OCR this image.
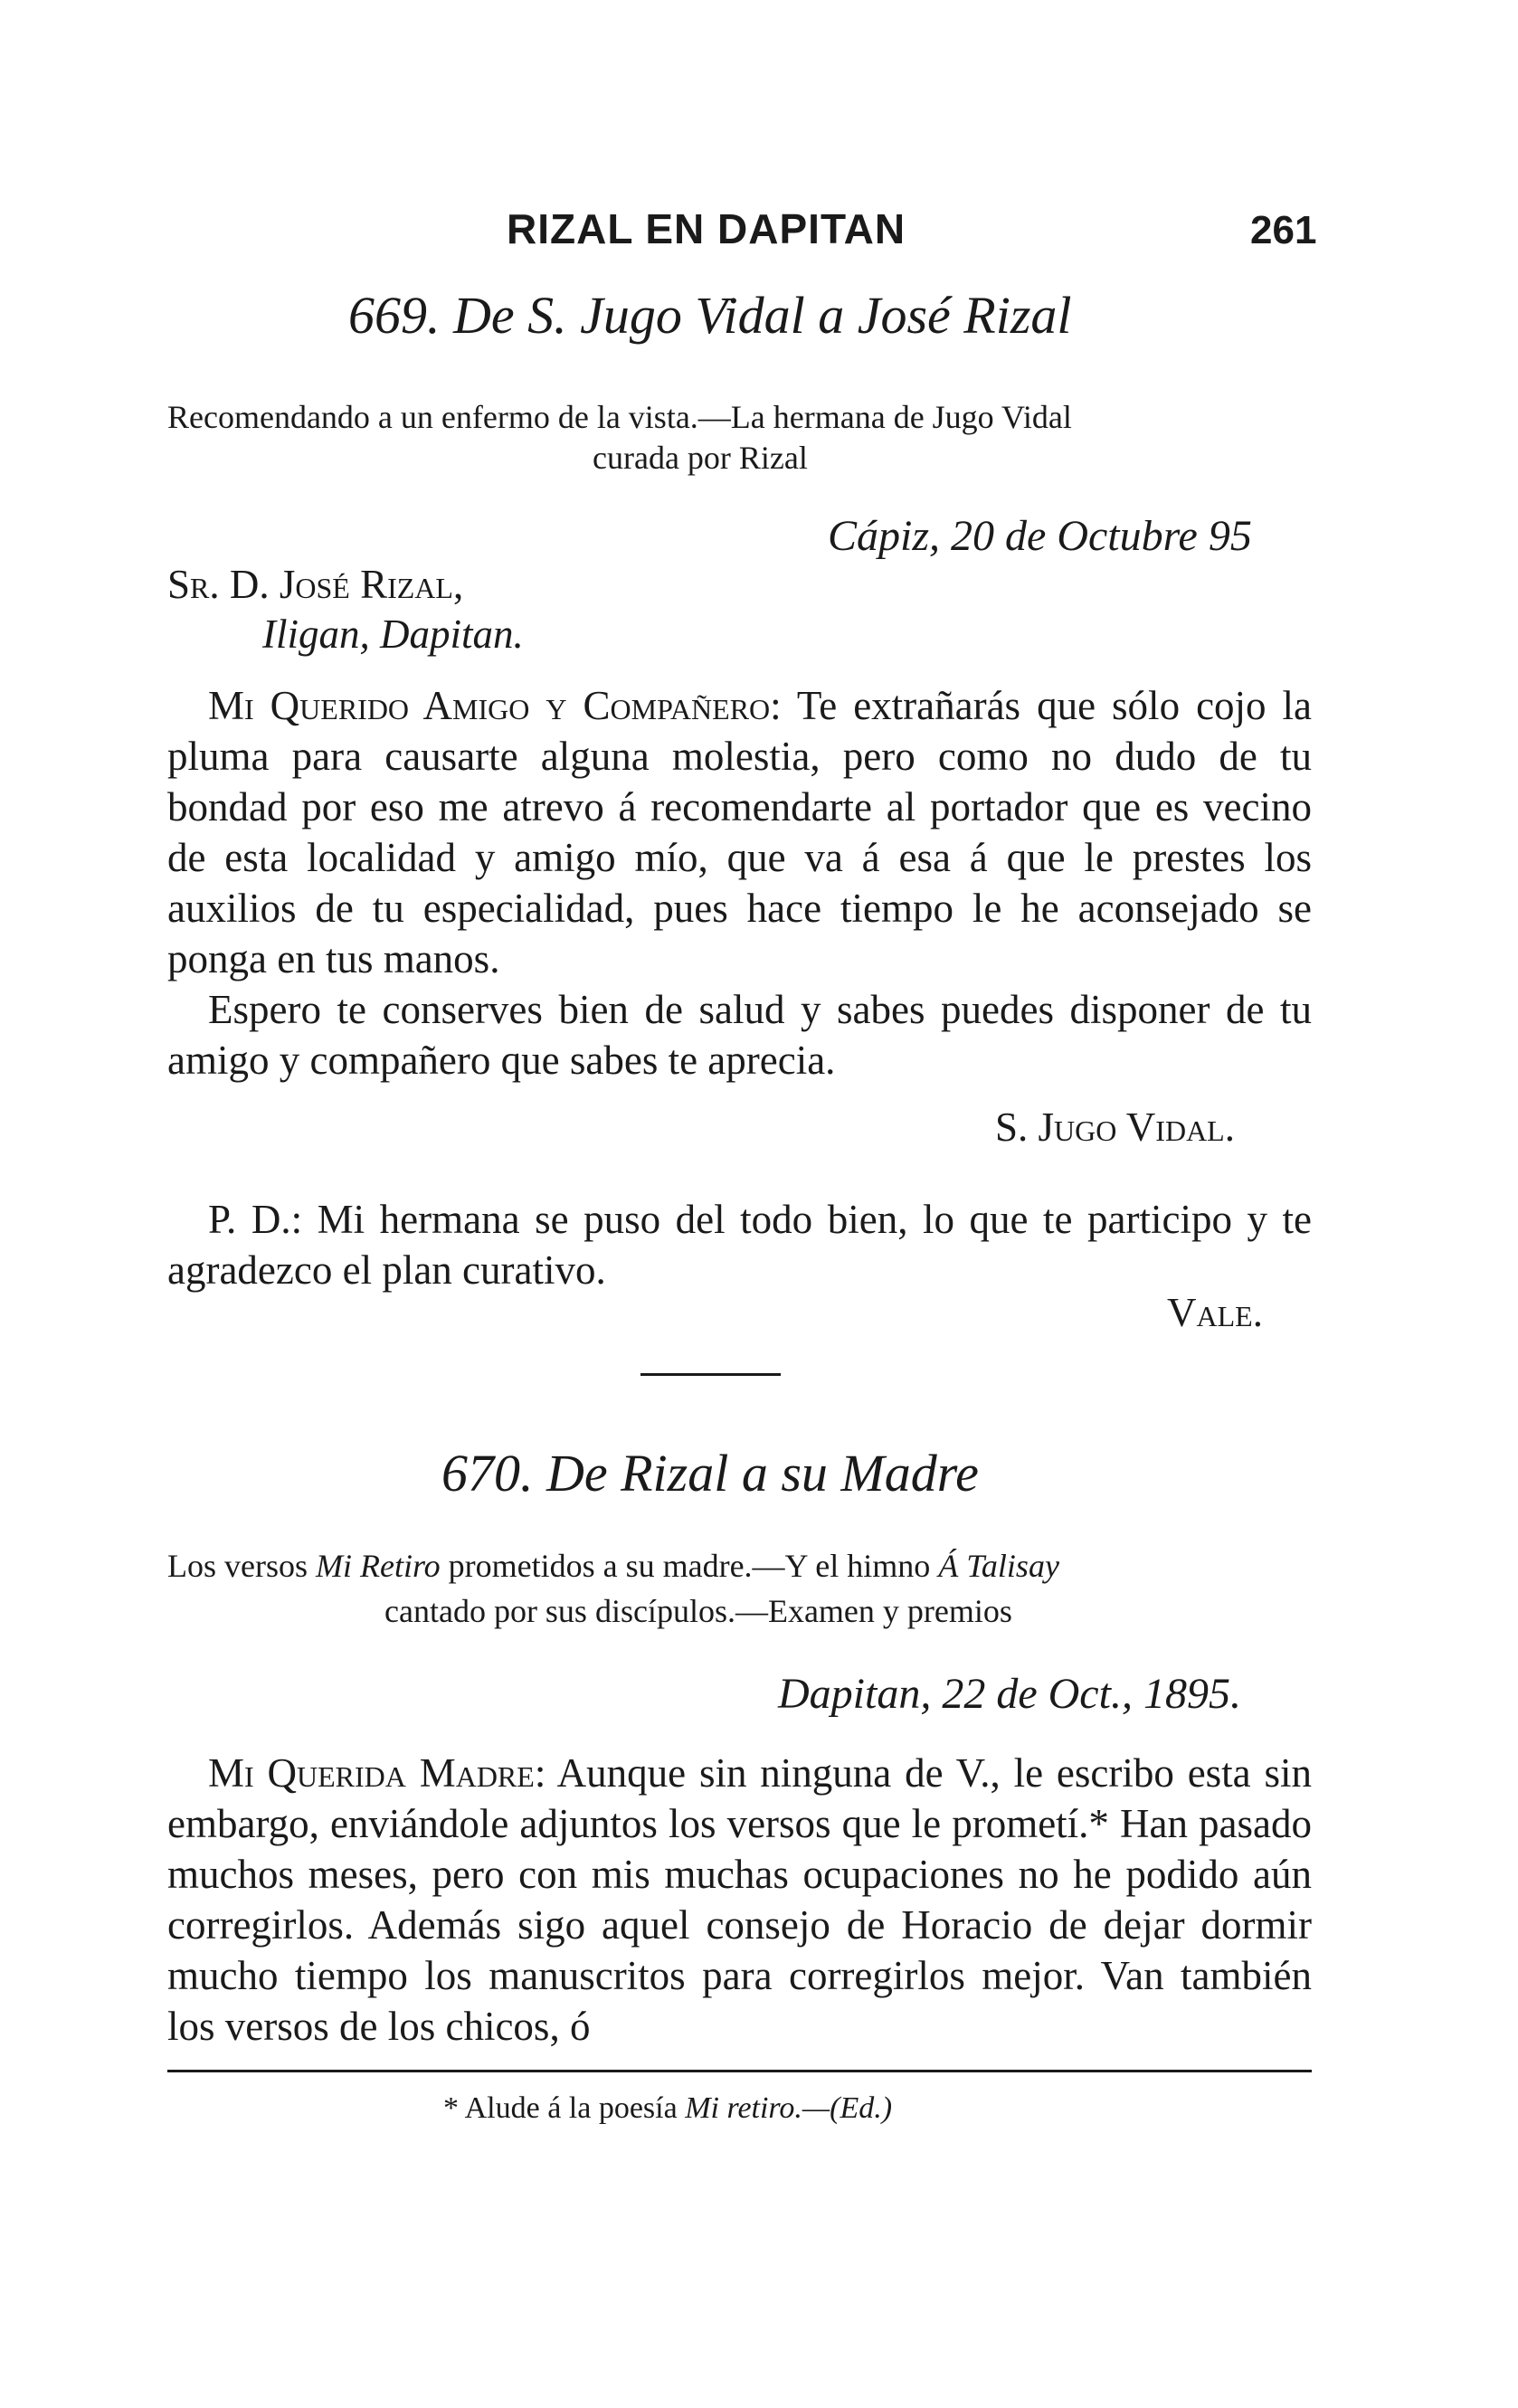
RIZAL EN DAPITAN	261
669. De S. Jugo Vidal a José Rizal
Recomendando a un enfermo de la vista.—La hermana de Jugo Vidal
curada por Rizal
Cápiz, 20 de Octubre 95
Sr. D. José Rizal,
Iligan, Dapitan.

Mi Querido Amigo y Compañero: Te extrañarás que sólo cojo la pluma para causarte alguna molestia, pero como no dudo de tu bondad por eso me atrevo á recomendarte al portador que es vecino de esta localidad y amigo mío, que va á esa á que le prestes los auxilios de tu especialidad, pues hace tiempo le he aconsejado se ponga en tus manos.

Espero te conserves bien de salud y sabes puedes disponer de tu amigo y compañero que sabes te aprecia.

S. Jugo Vidal.

P. D.: Mi hermana se puso del todo bien, lo que te participo y te agradezco el plan curativo.

Vale.
670. De Rizal a su Madre
Los versos Mi Retiro prometidos a su madre.—Y el himno Á Talisay
cantado por sus discípulos.—Examen y premios
Dapitan, 22 de Oct., 1895.

Mi Querida Madre: Aunque sin ninguna de V., le escribo esta sin embargo, enviándole adjuntos los versos que le prometí.* Han pasado muchos meses, pero con mis muchas ocupaciones no he podido aún corregirlos. Además sigo aquel consejo de Horacio de dejar dormir mucho tiempo los manuscritos para corregirlos mejor. Van también los versos de los chicos, ó

* Alude á la poesía Mi retiro.—(Ed.)
